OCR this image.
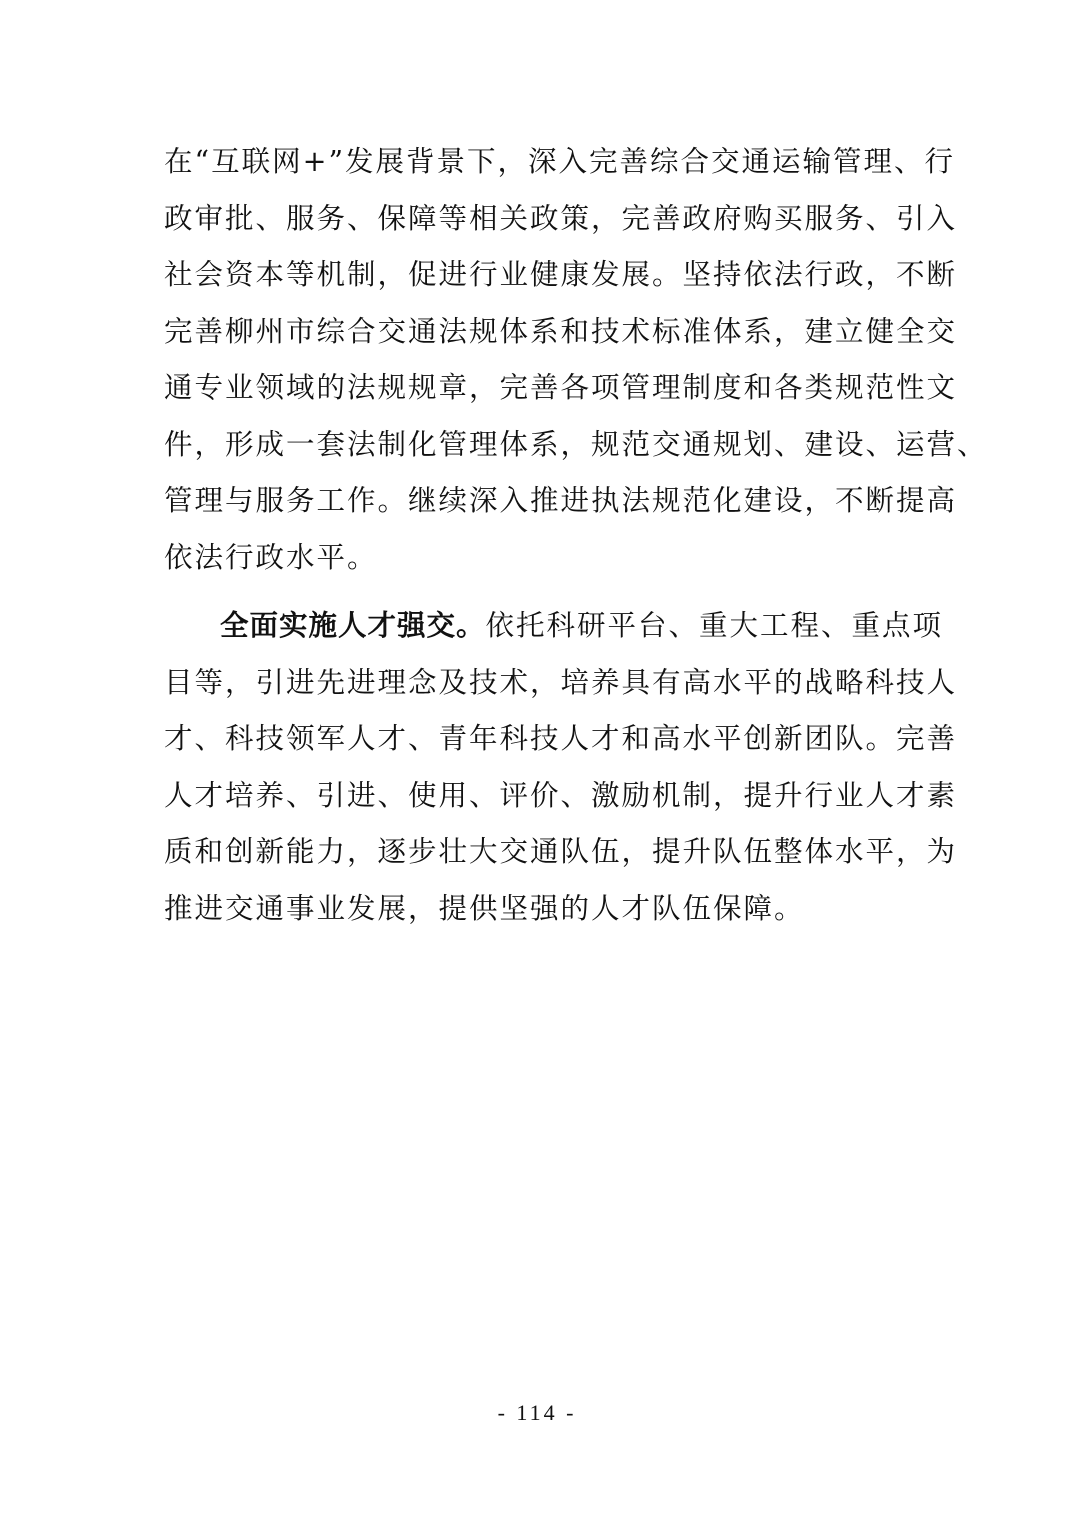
在“互联网+”发展背景下，深入完善综合交通运输管理、行
政审批、服务、保障等相关政策，完善政府购买服务、引入
社会资本等机制，促进行业健康发展。坚持依法行政，不断
完善柳州市综合交通法规体系和技术标准体系，建立健全交
通专业领域的法规规章，完善各项管理制度和各类规范性文
件，形成一套法制化管理体系，规范交通规划、建设、运营、
管理与服务工作。继续深入推进执法规范化建设，不断提高
依法行政水平。
全面实施人才强交。依托科研平台、重大工程、重点项
目等，引进先进理念及技术，培养具有高水平的战略科技人
才、科技领军人才、青年科技人才和高水平创新团队。完善
人才培养、引进、使用、评价、激励机制，提升行业人才素
质和创新能力，逐步壮大交通队伍，提升队伍整体水平，为
推进交通事业发展，提供坚强的人才队伍保障。
- 114 -
